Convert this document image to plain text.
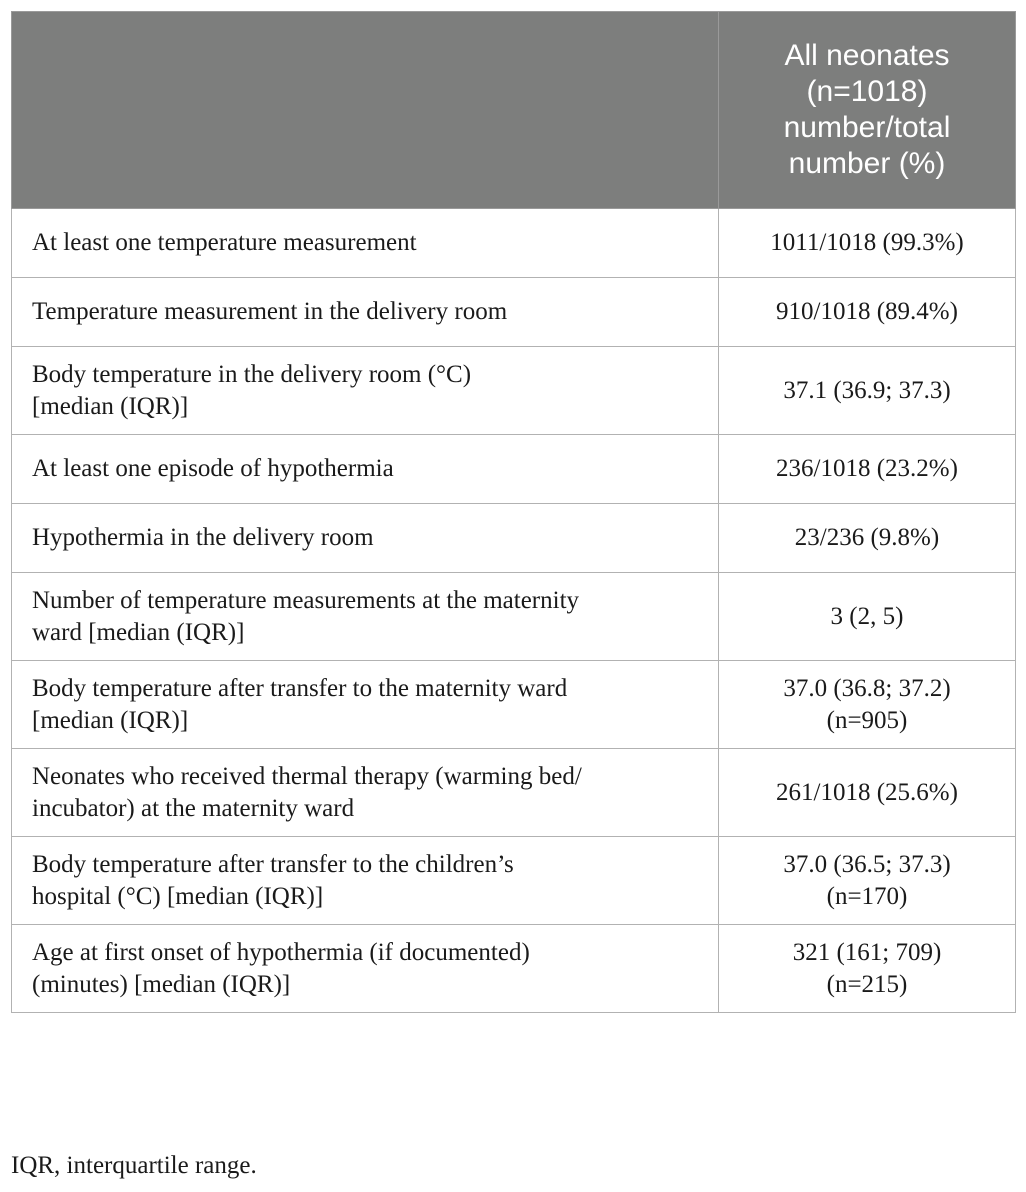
	All neonates
(n=1018)
number/total
number (%)

At least one temperature measurement	1011/1018 (99.3%)

Temperature measurement in the delivery room	910/1018 (89.4%)

Body temperature in the delivery room (°C)
[median (IQR)]	37.1 (36.9; 37.3)

At least one episode of hypothermia	236/1018 (23.2%)

Hypothermia in the delivery room	23/236 (9.8%)

Number of temperature measurements at the maternity
ward [median (IQR)]	3 (2, 5)

Body temperature after transfer to the maternity ward
[median (IQR)]	37.0 (36.8; 37.2)
(n=905)

Neonates who received thermal therapy (warming bed/
incubator) at the maternity ward	261/1018 (25.6%)

Body temperature after transfer to the children’s
hospital (°C) [median (IQR)]	37.0 (36.5; 37.3)
(n=170)

Age at first onset of hypothermia (if documented)
(minutes) [median (IQR)]	321 (161; 709)
(n=215)
IQR, interquartile range.
